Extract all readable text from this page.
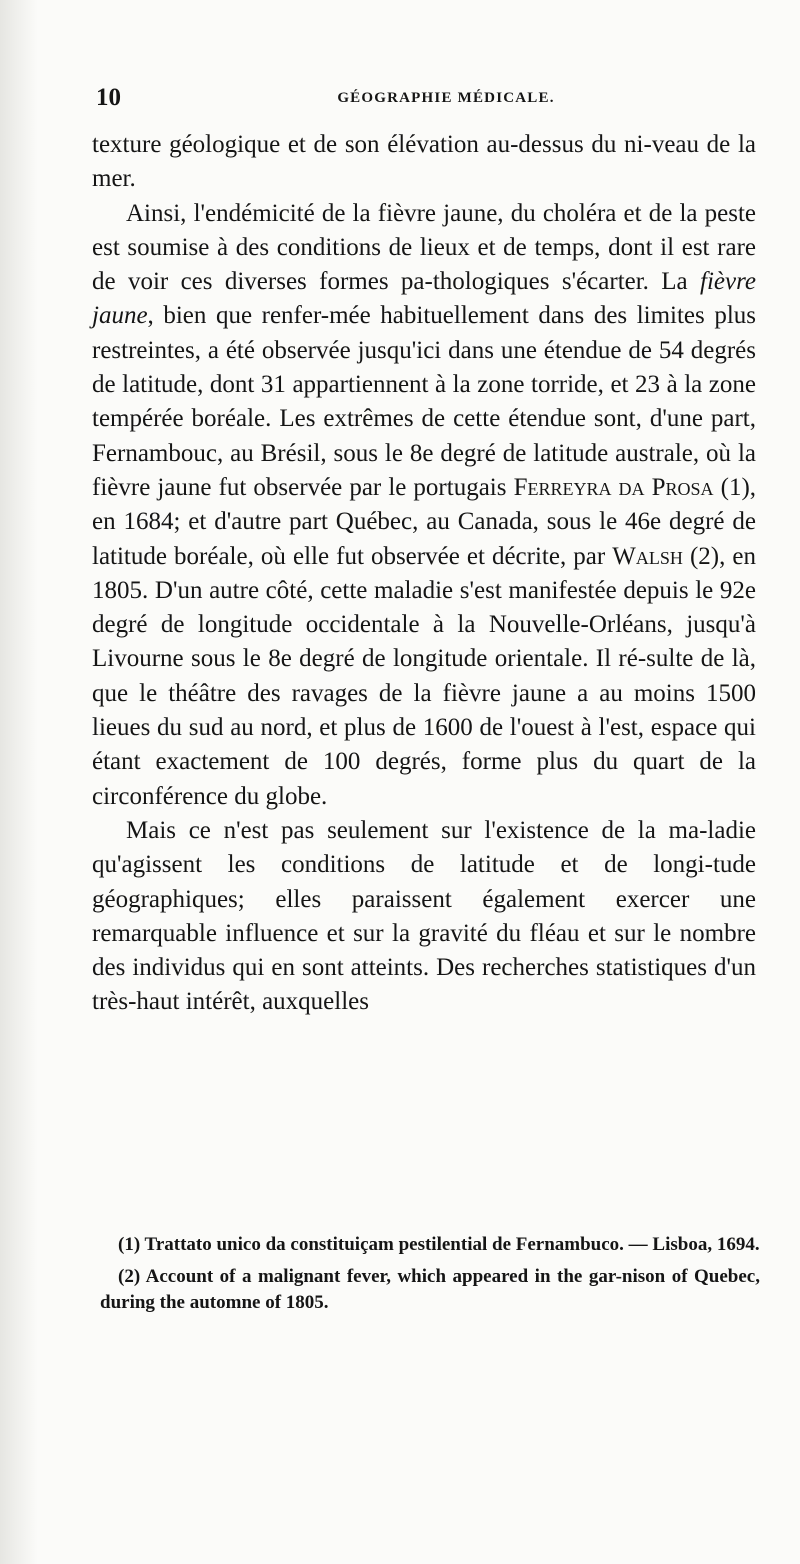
10	GÉOGRAPHIE MÉDICALE.

texture géologique et de son élévation au-dessus du ni-veau de la mer.

Ainsi, l'endémicité de la fièvre jaune, du choléra et de la peste est soumise à des conditions de lieux et de temps, dont il est rare de voir ces diverses formes pa-thologiques s'écarter. La fièvre jaune, bien que renfer-mée habituellement dans des limites plus restreintes, a été observée jusqu'ici dans une étendue de 54 degrés de latitude, dont 31 appartiennent à la zone torride, et 23 à la zone tempérée boréale. Les extrêmes de cette étendue sont, d'une part, Fernambouc, au Brésil, sous le 8e degré de latitude australe, où la fièvre jaune fut observée par le portugais Ferreyra da Prosa (1), en 1684; et d'autre part Québec, au Canada, sous le 46e degré de latitude boréale, où elle fut observée et décrite, par Walsh (2), en 1805. D'un autre côté, cette maladie s'est manifestée depuis le 92e degré de longitude occidentale à la Nouvelle-Orléans, jusqu'à Livourne sous le 8e degré de longitude orientale. Il ré-sulte de là, que le théâtre des ravages de la fièvre jaune a au moins 1500 lieues du sud au nord, et plus de 1600 de l'ouest à l'est, espace qui étant exactement de 100 degrés, forme plus du quart de la circonférence du globe.

Mais ce n'est pas seulement sur l'existence de la ma-ladie qu'agissent les conditions de latitude et de longi-tude géographiques; elles paraissent également exercer une remarquable influence et sur la gravité du fléau et sur le nombre des individus qui en sont atteints. Des recherches statistiques d'un très-haut intérêt, auxquelles

(1) Trattato unico da constituiçam pestilential de Fernambuco. — Lisboa, 1694.

(2) Account of a malignant fever, which appeared in the gar-nison of Quebec, during the automne of 1805.
